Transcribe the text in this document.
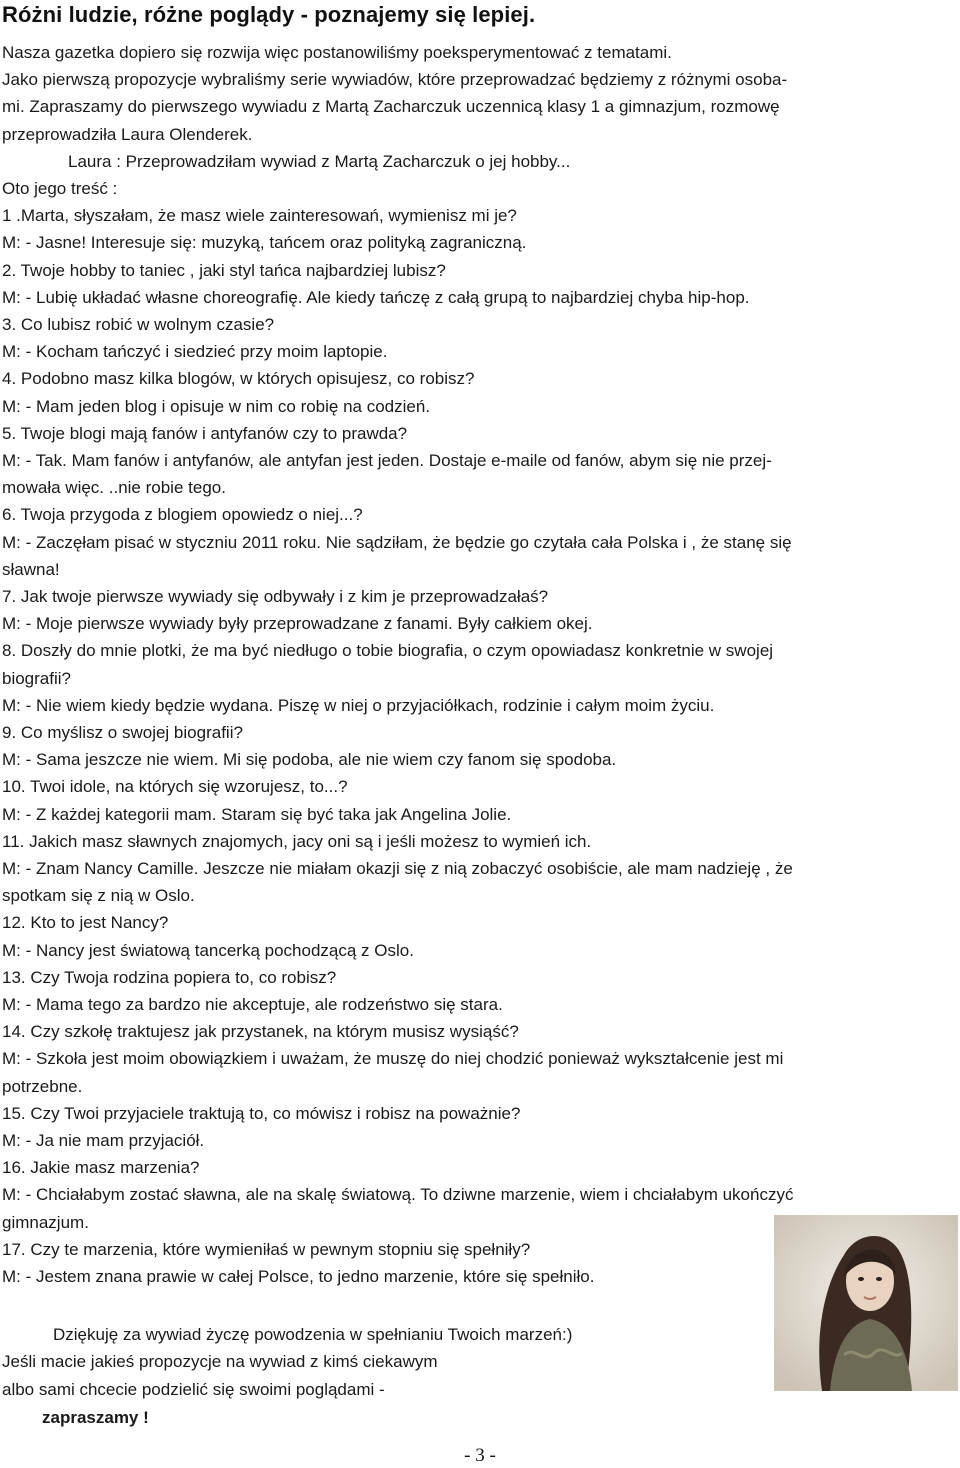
Różni ludzie, różne poglądy - poznajemy się lepiej.
Nasza gazetka dopiero się rozwija więc postanowiliśmy poeksperymentować z tematami.
Jako pierwszą propozycje wybraliśmy serie wywiadów, które przeprowadzać będziemy z różnymi osoba-
mi. Zapraszamy do pierwszego wywiadu z Martą Zacharczuk uczennicą klasy 1 a gimnazjum, rozmowę
przeprowadziła Laura Olenderek.
Laura : Przeprowadziłam wywiad z Martą Zacharczuk o jej hobby...
Oto jego treść :
1 .Marta, słyszałam, że masz wiele zainteresowań, wymienisz mi je?
M: - Jasne! Interesuje się: muzyką, tańcem oraz polityką zagraniczną.
2. Twoje hobby to taniec , jaki styl tańca najbardziej lubisz?
M: - Lubię układać własne choreografię. Ale kiedy tańczę z całą grupą to najbardziej chyba hip-hop.
3. Co lubisz robić w wolnym czasie?
M: - Kocham tańczyć i siedzieć przy moim laptopie.
4. Podobno masz kilka blogów, w których opisujesz, co robisz?
M: - Mam jeden blog i opisuje w nim co robię na codzień.
5. Twoje blogi mają fanów i antyfanów czy to prawda?
M: - Tak. Mam fanów i antyfanów, ale antyfan jest jeden. Dostaje e-maile od fanów, abym się nie przej-
mowała więc. ..nie robie tego.
6. Twoja przygoda z blogiem opowiedz o niej...?
M: - Zaczęłam pisać w styczniu 2011 roku. Nie sądziłam, że będzie go czytała cała Polska i , że stanę się
sławna!
7. Jak twoje pierwsze wywiady się odbywały i z kim je przeprowadzałaś?
M: - Moje pierwsze wywiady były przeprowadzane z fanami. Były całkiem okej.
8. Doszły do mnie plotki, że ma być niedługo o tobie biografia, o czym opowiadasz konkretnie w swojej
biografii?
M: - Nie wiem kiedy będzie wydana. Piszę w niej o przyjaciółkach, rodzinie i całym moim życiu.
9. Co myślisz o swojej biografii?
M: - Sama jeszcze nie wiem. Mi się podoba, ale nie wiem czy fanom się spodoba.
10. Twoi idole, na których się wzorujesz, to...?
M: - Z każdej kategorii mam. Staram się być taka jak Angelina Jolie.
11. Jakich masz sławnych znajomych, jacy oni są i jeśli możesz to wymień ich.
M: - Znam Nancy Camille. Jeszcze nie miałam okazji się z nią zobaczyć osobiście, ale mam nadzieję , że
spotkam się z nią w Oslo.
12. Kto to jest Nancy?
M: - Nancy jest światową tancerką pochodzącą z Oslo.
13. Czy Twoja rodzina popiera to, co robisz?
M: - Mama tego za bardzo nie akceptuje, ale rodzeństwo się stara.
14. Czy szkołę traktujesz jak przystanek, na którym musisz wysiąść?
M: - Szkoła jest moim obowiązkiem i uważam, że muszę do niej chodzić ponieważ wykształcenie jest mi
potrzebne.
15. Czy Twoi przyjaciele traktują to, co mówisz i robisz na poważnie?
M: - Ja nie mam przyjaciół.
16. Jakie masz marzenia?
M: - Chciałabym zostać sławna, ale na skalę światową. To dziwne marzenie, wiem i chciałabym ukończyć
gimnazjum.
17. Czy te marzenia, które wymieniłaś w pewnym stopniu się spełniły?
M: - Jestem znana prawie w całej Polsce, to jedno marzenie, które się spełniło.
Dziękuję za wywiad życzę powodzenia w spełnianiu Twoich marzeń:)
Jeśli macie jakieś propozycje na wywiad z kimś ciekawym
albo sami chcecie podzielić się swoimi poglądami -
zapraszamy !
- 3 -
